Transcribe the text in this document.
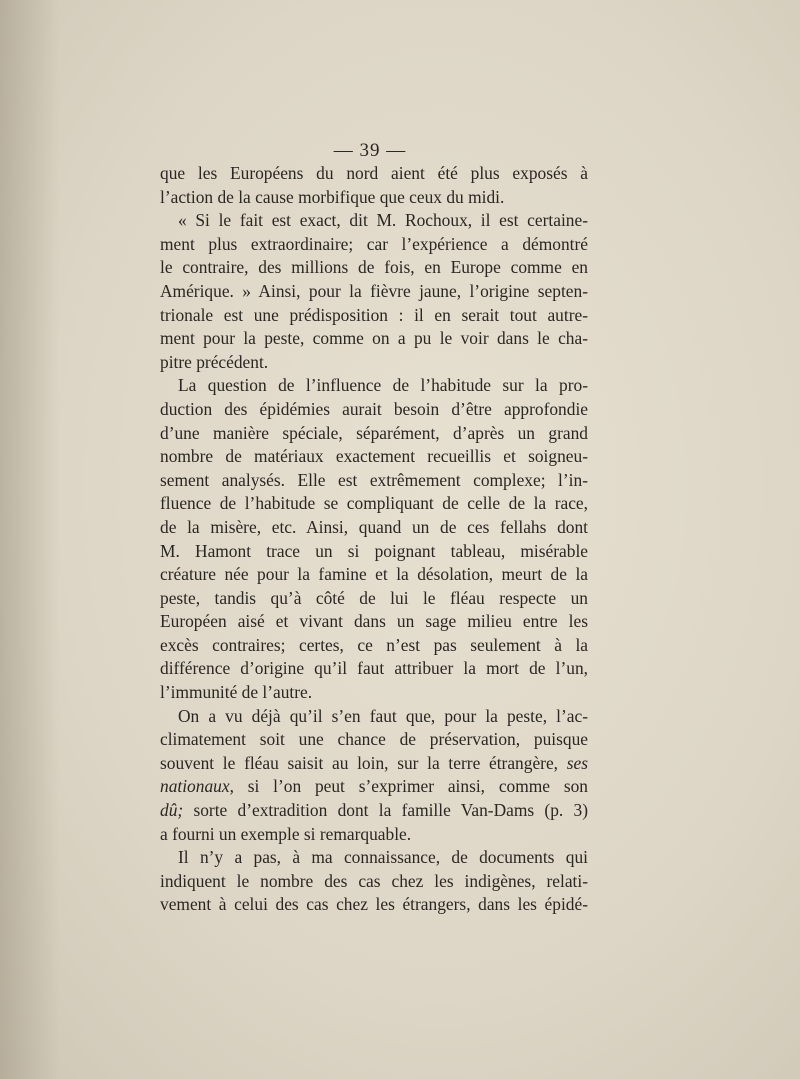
— 39 —
que les Européens du nord aient été plus exposés à
l’action de la cause morbifique que ceux du midi.
« Si le fait est exact, dit M. Rochoux, il est certaine-
ment plus extraordinaire; car l’expérience a démontré
le contraire, des millions de fois, en Europe comme en
Amérique. » Ainsi, pour la fièvre jaune, l’origine septen-
trionale est une prédisposition : il en serait tout autre-
ment pour la peste, comme on a pu le voir dans le cha-
pitre précédent.
La question de l’influence de l’habitude sur la pro-
duction des épidémies aurait besoin d’être approfondie
d’une manière spéciale, séparément, d’après un grand
nombre de matériaux exactement recueillis et soigneu-
sement analysés. Elle est extrêmement complexe; l’in-
fluence de l’habitude se compliquant de celle de la race,
de la misère, etc. Ainsi, quand un de ces fellahs dont
M. Hamont trace un si poignant tableau, misérable
créature née pour la famine et la désolation, meurt de la
peste, tandis qu’à côté de lui le fléau respecte un
Européen aisé et vivant dans un sage milieu entre les
excès contraires; certes, ce n’est pas seulement à la
différence d’origine qu’il faut attribuer la mort de l’un,
l’immunité de l’autre.
On a vu déjà qu’il s’en faut que, pour la peste, l’ac-
climatement soit une chance de préservation, puisque
souvent le fléau saisit au loin, sur la terre étrangère, ses
nationaux, si l’on peut s’exprimer ainsi, comme son
dû; sorte d’extradition dont la famille Van-Dams (p. 3)
a fourni un exemple si remarquable.
Il n’y a pas, à ma connaissance, de documents qui
indiquent le nombre des cas chez les indigènes, relati-
vement à celui des cas chez les étrangers, dans les épidé-
